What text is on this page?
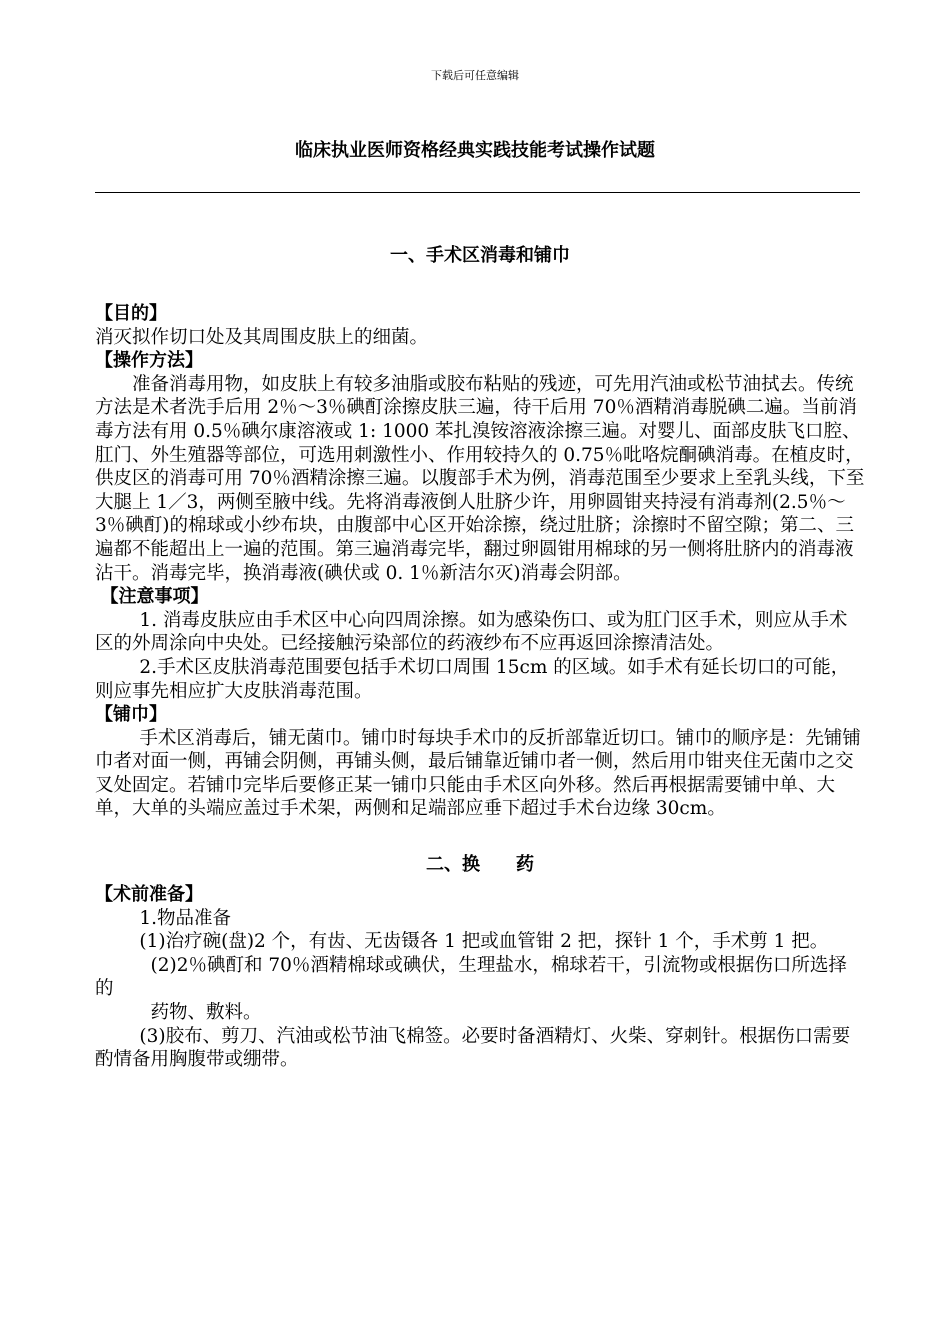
下载后可任意编辑
临床执业医师资格经典实践技能考试操作试题
一、手术区消毒和铺巾

【目的】

消灭拟作切口处及其周围皮肤上的细菌。

【操作方法】

准备消毒用物，如皮肤上有较多油脂或胶布粘贴的残迹，可先用汽油或松节油拭去。传统方法是术者洗手后用 2％～3％碘酊涂擦皮肤三遍，待干后用 70％酒精消毒脱碘二遍。当前消毒方法有用 0.5％碘尔康溶液或 1: 1000 苯扎溴铵溶液涂擦三遍。对婴儿、面部皮肤飞口腔、肛门、外生殖器等部位，可选用刺激性小、作用较持久的 0.75％吡咯烷酮碘消毒。在植皮时，供皮区的消毒可用 70％酒精涂擦三遍。以腹部手术为例，消毒范围至少要求上至乳头线，下至大腿上 1／3，两侧至腋中线。先将消毒液倒人肚脐少许，用卵圆钳夹持浸有消毒剂(2.5％～3％碘酊)的棉球或小纱布块，由腹部中心区开始涂擦，绕过肚脐；涂擦时不留空隙；第二、三遍都不能超出上一遍的范围。第三遍消毒完毕，翻过卵圆钳用棉球的另一侧将肚脐内的消毒液沾干。消毒完毕，换消毒液(碘伏或 0. 1％新洁尔灭)消毒会阴部。

【注意事项】

1. 消毒皮肤应由手术区中心向四周涂擦。如为感染伤口、或为肛门区手术，则应从手术区的外周涂向中央处。已经接触污染部位的药液纱布不应再返回涂擦清洁处。

2.手术区皮肤消毒范围要包括手术切口周围 15cm 的区域。如手术有延长切口的可能，　则应事先相应扩大皮肤消毒范围。

【铺巾】

手术区消毒后，铺无菌巾。铺巾时每块手术巾的反折部靠近切口。铺巾的顺序是：先铺铺巾者对面一侧，再铺会阴侧，再铺头侧，最后铺靠近铺巾者一侧，然后用巾钳夹住无菌巾之交叉处固定。若铺巾完毕后要修正某一铺巾只能由手术区向外移。然后再根据需要铺中单、大单，大单的头端应盖过手术架，两侧和足端部应垂下超过手术台边缘 30cm。

二、换　　药

【术前准备】

1.物品准备

(1)治疗碗(盘)2 个，有齿、无齿镊各 1 把或血管钳 2 把，探针 1 个，手术剪 1 把。

(2)2％碘酊和 70％酒精棉球或碘伏，生理盐水，棉球若干，引流物或根据伤口所选择的

药物、敷料。

(3)胶布、剪刀、汽油或松节油飞棉签。必要时备酒精灯、火柴、穿刺针。根据伤口需要酌情备用胸腹带或绷带。
